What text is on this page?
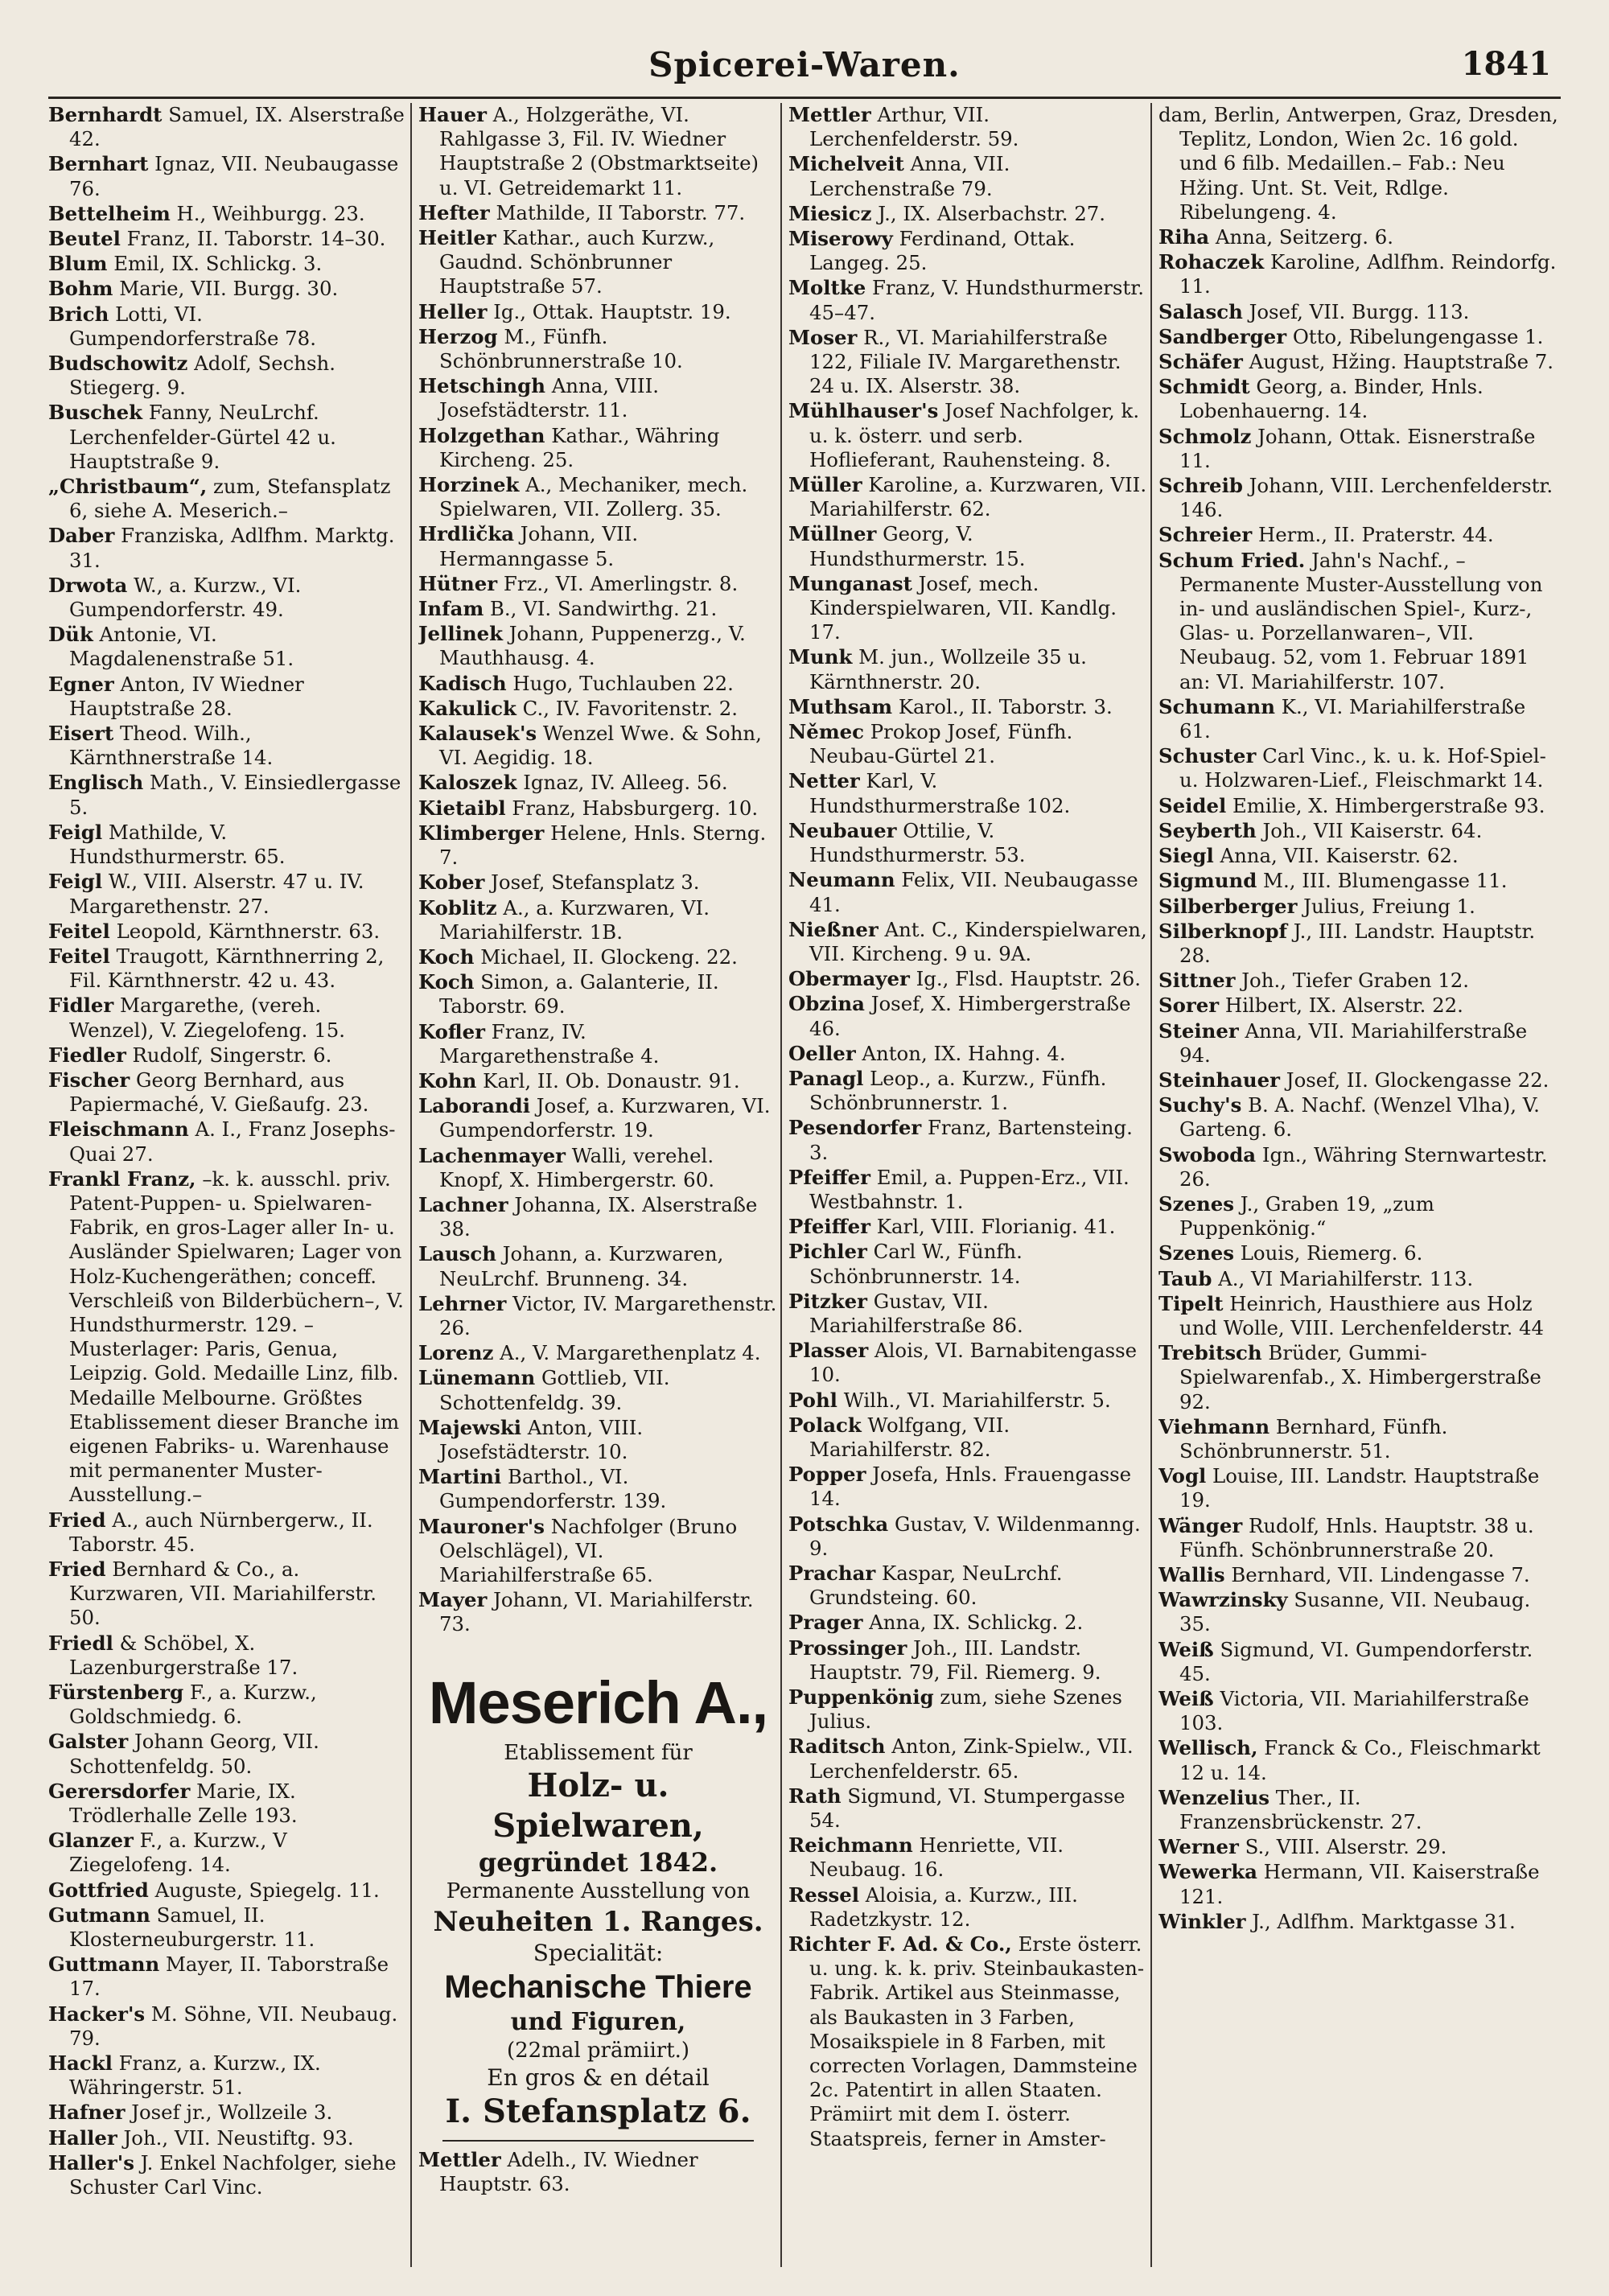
Spicerei-Waren.	1841

Bernhardt Samuel, IX. Alserstraße 42.

Bernhart Ignaz, VII. Neubaugasse 76.

Bettelheim H., Weihburgg. 23.

Beutel Franz, II. Taborstr. 14–30.

Blum Emil, IX. Schlickg. 3.

Bohm Marie, VII. Burgg. 30.

Brich Lotti, VI. Gumpendorferstraße 78.

Budschowitz Adolf, Sechsh. Stiegerg. 9.

Buschek Fanny, NeuLrchf. Lerchenfelder-Gürtel 42 u. Hauptstraße 9.

„Christbaum“, zum, Stefansplatz 6, siehe A. Meserich.–

Daber Franziska, Adlfhm. Marktg. 31.

Drwota W., a. Kurzw., VI. Gumpendorferstr. 49.

Dük Antonie, VI. Magdalenenstraße 51.

Egner Anton, IV Wiedner Hauptstraße 28.

Eisert Theod. Wilh., Kärnthnerstraße 14.

Englisch Math., V. Einsiedlergasse 5.

Feigl Mathilde, V. Hundsthurmerstr. 65.

Feigl W., VIII. Alserstr. 47 u. IV. Margarethenstr. 27.

Feitel Leopold, Kärnthnerstr. 63.

Feitel Traugott, Kärnthnerring 2, Fil. Kärnthnerstr. 42 u. 43.

Fidler Margarethe, (vereh. Wenzel), V. Ziegelofeng. 15.

Fiedler Rudolf, Singerstr. 6.

Fischer Georg Bernhard, aus Papiermaché, V. Gießaufg. 23.

Fleischmann A. I., Franz Josephs-Quai 27.

Frankl Franz, –k. k. ausschl. priv. Patent-Puppen- u. Spielwaren-Fabrik, en gros-Lager aller In- u. Ausländer Spielwaren; Lager von Holz-Kuchengeräthen; conceff. Verschleiß von Bilderbüchern–, V. Hundsthurmerstr. 129. –Musterlager: Paris, Genua, Leipzig. Gold. Medaille Linz, filb. Medaille Melbourne. Größtes Etablissement dieser Branche im eigenen Fabriks- u. Warenhause mit permanenter Muster-Ausstellung.–

Fried A., auch Nürnbergerw., II. Taborstr. 45.

Fried Bernhard & Co., a. Kurzwaren, VII. Mariahilferstr. 50.

Friedl & Schöbel, X. Lazenburgerstraße 17.

Fürstenberg F., a. Kurzw., Goldschmiedg. 6.

Galster Johann Georg, VII. Schottenfeldg. 50.

Gerersdorfer Marie, IX. Trödlerhalle Zelle 193.

Glanzer F., a. Kurzw., V Ziegelofeng. 14.

Gottfried Auguste, Spiegelg. 11.

Gutmann Samuel, II. Klosterneuburgerstr. 11.

Guttmann Mayer, II. Taborstraße 17.

Hacker's M. Söhne, VII. Neubaug. 79.

Hackl Franz, a. Kurzw., IX. Währingerstr. 51.

Hafner Josef jr., Wollzeile 3.

Haller Joh., VII. Neustiftg. 93.

Haller's J. Enkel Nachfolger, siehe Schuster Carl Vinc.

Hauer A., Holzgeräthe, VI. Rahlgasse 3, Fil. IV. Wiedner Hauptstraße 2 (Obstmarktseite) u. VI. Getreidemarkt 11.

Hefter Mathilde, II Taborstr. 77.

Heitler Kathar., auch Kurzw., Gaudnd. Schönbrunner Hauptstraße 57.

Heller Ig., Ottak. Hauptstr. 19.

Herzog M., Fünfh. Schönbrunnerstraße 10.

Hetschingh Anna, VIII. Josefstädterstr. 11.

Holzgethan Kathar., Währing Kircheng. 25.

Horzinek A., Mechaniker, mech. Spielwaren, VII. Zollerg. 35.

Hrdlička Johann, VII. Hermanngasse 5.

Hütner Frz., VI. Amerlingstr. 8.

Infam B., VI. Sandwirthg. 21.

Jellinek Johann, Puppenerzg., V. Mauthhausg. 4.

Kadisch Hugo, Tuchlauben 22.

Kakulick C., IV. Favoritenstr. 2.

Kalausek's Wenzel Wwe. & Sohn, VI. Aegidig. 18.

Kaloszek Ignaz, IV. Alleeg. 56.

Kietaibl Franz, Habsburgerg. 10.

Klimberger Helene, Hnls. Sterng. 7.

Kober Josef, Stefansplatz 3.

Koblitz A., a. Kurzwaren, VI. Mariahilferstr. 1B.

Koch Michael, II. Glockeng. 22.

Koch Simon, a. Galanterie, II. Taborstr. 69.

Kofler Franz, IV. Margarethenstraße 4.

Kohn Karl, II. Ob. Donaustr. 91.

Laborandi Josef, a. Kurzwaren, VI. Gumpendorferstr. 19.

Lachenmayer Walli, verehel. Knopf, X. Himbergerstr. 60.

Lachner Johanna, IX. Alserstraße 38.

Lausch Johann, a. Kurzwaren, NeuLrchf. Brunneng. 34.

Lehrner Victor, IV. Margarethenstr. 26.

Lorenz A., V. Margarethenplatz 4.

Lünemann Gottlieb, VII. Schottenfeldg. 39.

Majewski Anton, VIII. Josefstädterstr. 10.

Martini Barthol., VI. Gumpendorferstr. 139.

Mauroner's Nachfolger (Bruno Oelschlägel), VI. Mariahilferstraße 65.

Mayer Johann, VI. Mariahilferstr. 73.

Meserich A.,
Etablissement für
Holz- u. Spielwaren,
gegründet 1842.
Permanente Ausstellung von
Neuheiten 1. Ranges.
Specialität:
Mechanische Thiere
und Figuren,
(22mal prämiirt.)
En gros & en détail
I. Stefansplatz 6.

Mettler Adelh., IV. Wiedner Hauptstr. 63.

Mettler Arthur, VII. Lerchenfelderstr. 59.

Michelveit Anna, VII. Lerchenstraße 79.

Miesicz J., IX. Alserbachstr. 27.

Miserowy Ferdinand, Ottak. Langeg. 25.

Moltke Franz, V. Hundsthurmerstr. 45–47.

Moser R., VI. Mariahilferstraße 122, Filiale IV. Margarethenstr. 24 u. IX. Alserstr. 38.

Mühlhauser's Josef Nachfolger, k. u. k. österr. und serb. Hoflieferant, Rauhensteing. 8.

Müller Karoline, a. Kurzwaren, VII. Mariahilferstr. 62.

Müllner Georg, V. Hundsthurmerstr. 15.

Munganast Josef, mech. Kinderspielwaren, VII. Kandlg. 17.

Munk M. jun., Wollzeile 35 u. Kärnthnerstr. 20.

Muthsam Karol., II. Taborstr. 3.

Němec Prokop Josef, Fünfh. Neubau-Gürtel 21.

Netter Karl, V. Hundsthurmerstraße 102.

Neubauer Ottilie, V. Hundsthurmerstr. 53.

Neumann Felix, VII. Neubaugasse 41.

Nießner Ant. C., Kinderspielwaren, VII. Kircheng. 9 u. 9A.

Obermayer Ig., Flsd. Hauptstr. 26.

Obzina Josef, X. Himbergerstraße 46.

Oeller Anton, IX. Hahng. 4.

Panagl Leop., a. Kurzw., Fünfh. Schönbrunnerstr. 1.

Pesendorfer Franz, Bartensteing. 3.

Pfeiffer Emil, a. Puppen-Erz., VII. Westbahnstr. 1.

Pfeiffer Karl, VIII. Florianig. 41.

Pichler Carl W., Fünfh. Schönbrunnerstr. 14.

Pitzker Gustav, VII. Mariahilferstraße 86.

Plasser Alois, VI. Barnabitengasse 10.

Pohl Wilh., VI. Mariahilferstr. 5.

Polack Wolfgang, VII. Mariahilferstr. 82.

Popper Josefa, Hnls. Frauengasse 14.

Potschka Gustav, V. Wildenmanng. 9.

Prachar Kaspar, NeuLrchf. Grundsteing. 60.

Prager Anna, IX. Schlickg. 2.

Prossinger Joh., III. Landstr. Hauptstr. 79, Fil. Riemerg. 9.

Puppenkönig zum, siehe Szenes Julius.

Raditsch Anton, Zink-Spielw., VII. Lerchenfelderstr. 65.

Rath Sigmund, VI. Stumpergasse 54.

Reichmann Henriette, VII. Neubaug. 16.

Ressel Aloisia, a. Kurzw., III. Radetzkystr. 12.

Richter F. Ad. & Co., Erste österr. u. ung. k. k. priv. Steinbaukasten-Fabrik. Artikel aus Steinmasse, als Baukasten in 3 Farben, Mosaikspiele in 8 Farben, mit correcten Vorlagen, Dammsteine 2c. Patentirt in allen Staaten. Prämiirt mit dem I. österr. Staatspreis, ferner in Amster-

dam, Berlin, Antwerpen, Graz, Dresden, Teplitz, London, Wien 2c. 16 gold. und 6 filb. Medaillen.– Fab.: Neu Hžing. Unt. St. Veit, Rdlge. Ribelungeng. 4.

Riha Anna, Seitzerg. 6.

Rohaczek Karoline, Adlfhm. Reindorfg. 11.

Salasch Josef, VII. Burgg. 113.

Sandberger Otto, Ribelungengasse 1.

Schäfer August, Hžing. Hauptstraße 7.

Schmidt Georg, a. Binder, Hnls. Lobenhauerng. 14.

Schmolz Johann, Ottak. Eisnerstraße 11.

Schreib Johann, VIII. Lerchenfelderstr. 146.

Schreier Herm., II. Praterstr. 44.

Schum Fried. Jahn's Nachf., –Permanente Muster-Ausstellung von in- und ausländischen Spiel-, Kurz-, Glas- u. Porzellanwaren–, VII. Neubaug. 52, vom 1. Februar 1891 an: VI. Mariahilferstr. 107.

Schumann K., VI. Mariahilferstraße 61.

Schuster Carl Vinc., k. u. k. Hof-Spiel- u. Holzwaren-Lief., Fleischmarkt 14.

Seidel Emilie, X. Himbergerstraße 93.

Seyberth Joh., VII Kaiserstr. 64.

Siegl Anna, VII. Kaiserstr. 62.

Sigmund M., III. Blumengasse 11.

Silberberger Julius, Freiung 1.

Silberknopf J., III. Landstr. Hauptstr. 28.

Sittner Joh., Tiefer Graben 12.

Sorer Hilbert, IX. Alserstr. 22.

Steiner Anna, VII. Mariahilferstraße 94.

Steinhauer Josef, II. Glockengasse 22.

Suchy's B. A. Nachf. (Wenzel Vlha), V. Garteng. 6.

Swoboda Ign., Währing Sternwartestr. 26.

Szenes J., Graben 19, „zum Puppenkönig.“

Szenes Louis, Riemerg. 6.

Taub A., VI Mariahilferstr. 113.

Tipelt Heinrich, Hausthiere aus Holz und Wolle, VIII. Lerchenfelderstr. 44

Trebitsch Brüder, Gummi-Spielwarenfab., X. Himbergerstraße 92.

Viehmann Bernhard, Fünfh. Schönbrunnerstr. 51.

Vogl Louise, III. Landstr. Hauptstraße 19.

Wänger Rudolf, Hnls. Hauptstr. 38 u. Fünfh. Schönbrunnerstraße 20.

Wallis Bernhard, VII. Lindengasse 7.

Wawrzinsky Susanne, VII. Neubaug. 35.

Weiß Sigmund, VI. Gumpendorferstr. 45.

Weiß Victoria, VII. Mariahilferstraße 103.

Wellisch, Franck & Co., Fleischmarkt 12 u. 14.

Wenzelius Ther., II. Franzensbrückenstr. 27.

Werner S., VIII. Alserstr. 29.

Wewerka Hermann, VII. Kaiserstraße 121.

Winkler J., Adlfhm. Marktgasse 31.
